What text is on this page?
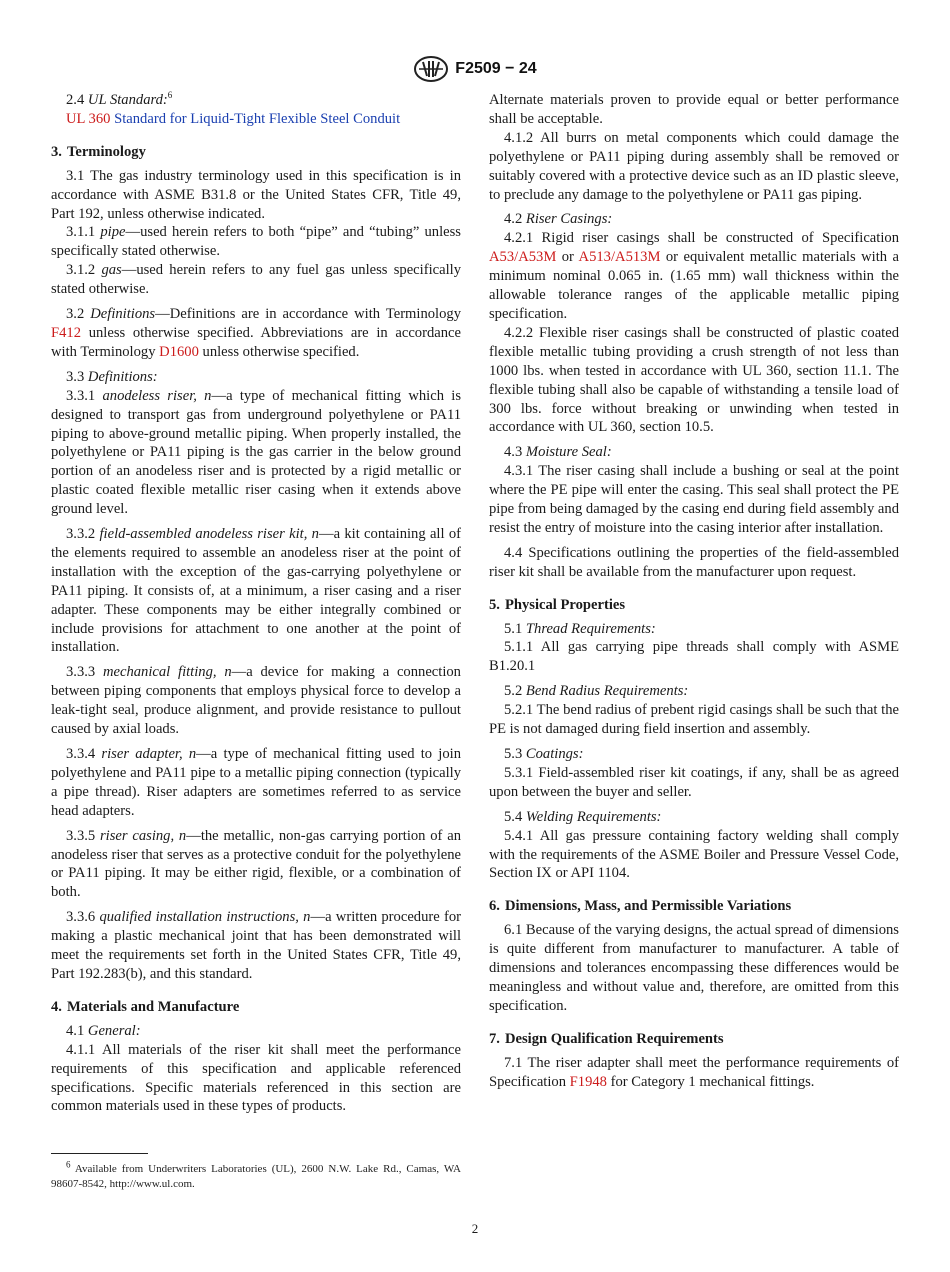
F2509 − 24

2.4 UL Standard:$^6$

UL 360 Standard for Liquid-Tight Flexible Steel Conduit

3. Terminology

3.1 The gas industry terminology used in this specification is in accordance with ASME B31.8 or the United States CFR, Title 49, Part 192, unless otherwise indicated.

3.1.1 pipe—used herein refers to both “pipe” and “tubing” unless specifically stated otherwise.

3.1.2 gas—used herein refers to any fuel gas unless specifically stated otherwise.

3.2 Definitions—Definitions are in accordance with Terminology F412 unless otherwise specified. Abbreviations are in accordance with Terminology D1600 unless otherwise specified.

3.3 Definitions:

3.3.1 anodeless riser, n—a type of mechanical fitting which is designed to transport gas from underground polyethylene or PA11 piping to above-ground metallic piping. When properly installed, the polyethylene or PA11 piping is the gas carrier in the below ground portion of an anodeless riser and is protected by a rigid metallic or plastic coated flexible metallic riser casing when it extends above ground level.

3.3.2 field-assembled anodeless riser kit, n—a kit containing all of the elements required to assemble an anodeless riser at the point of installation with the exception of the gas-carrying polyethylene or PA11 piping. It consists of, at a minimum, a riser casing and a riser adapter. These components may be either integrally combined or include provisions for attachment to one another at the point of installation.

3.3.3 mechanical fitting, n—a device for making a connection between piping components that employs physical force to develop a leak-tight seal, produce alignment, and provide resistance to pullout caused by axial loads.

3.3.4 riser adapter, n—a type of mechanical fitting used to join polyethylene and PA11 pipe to a metallic piping connection (typically a pipe thread). Riser adapters are sometimes referred to as service head adapters.

3.3.5 riser casing, n—the metallic, non-gas carrying portion of an anodeless riser that serves as a protective conduit for the polyethylene or PA11 piping. It may be either rigid, flexible, or a combination of both.

3.3.6 qualified installation instructions, n—a written procedure for making a plastic mechanical joint that has been demonstrated will meet the requirements set forth in the United States CFR, Title 49, Part 192.283(b), and this standard.

4. Materials and Manufacture

4.1 General:

4.1.1 All materials of the riser kit shall meet the performance requirements of this specification and applicable referenced specifications. Specific materials referenced in this section are common materials used in these types of products.

$^6$ Available from Underwriters Laboratories (UL), 2600 N.W. Lake Rd., Camas, WA 98607-8542, http://www.ul.com.

Alternate materials proven to provide equal or better performance shall be acceptable.

4.1.2 All burrs on metal components which could damage the polyethylene or PA11 piping during assembly shall be removed or suitably covered with a protective device such as an ID plastic sleeve, to preclude any damage to the polyethylene or PA11 gas piping.

4.2 Riser Casings:

4.2.1 Rigid riser casings shall be constructed of Specification A53/A53M or A513/A513M or equivalent metallic materials with a minimum nominal 0.065 in. (1.65 mm) wall thickness within the allowable tolerance ranges of the applicable metallic piping specification.

4.2.2 Flexible riser casings shall be constructed of plastic coated flexible metallic tubing providing a crush strength of not less than 1000 lbs. when tested in accordance with UL 360, section 11.1. The flexible tubing shall also be capable of withstanding a tensile load of 300 lbs. force without breaking or unwinding when tested in accordance with UL 360, section 10.5.

4.3 Moisture Seal:

4.3.1 The riser casing shall include a bushing or seal at the point where the PE pipe will enter the casing. This seal shall protect the PE pipe from being damaged by the casing end during field assembly and resist the entry of moisture into the casing interior after installation.

4.4 Specifications outlining the properties of the field-assembled riser kit shall be available from the manufacturer upon request.

5. Physical Properties

5.1 Thread Requirements:

5.1.1 All gas carrying pipe threads shall comply with ASME B1.20.1

5.2 Bend Radius Requirements:

5.2.1 The bend radius of prebent rigid casings shall be such that the PE is not damaged during field insertion and assembly.

5.3 Coatings:

5.3.1 Field-assembled riser kit coatings, if any, shall be as agreed upon between the buyer and seller.

5.4 Welding Requirements:

5.4.1 All gas pressure containing factory welding shall comply with the requirements of the ASME Boiler and Pressure Vessel Code, Section IX or API 1104.

6. Dimensions, Mass, and Permissible Variations

6.1 Because of the varying designs, the actual spread of dimensions is quite different from manufacturer to manufacturer. A table of dimensions and tolerances encompassing these differences would be meaningless and without value and, therefore, are omitted from this specification.

7. Design Qualification Requirements

7.1 The riser adapter shall meet the performance requirements of Specification F1948 for Category 1 mechanical fittings.

2
